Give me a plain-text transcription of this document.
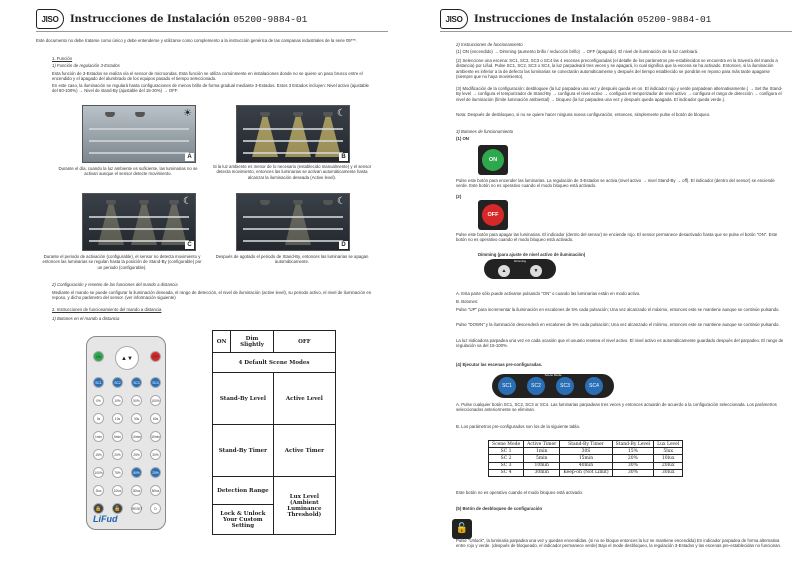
JISO	Instrucciones de Instalación 05200-9884-01
Este documento no debe tratarse como único y debe entenderse y utilizarse como complemento a la instrucción genérica de las campanas industriales de la serie 05***.
1. Función
1) Función de regulación 3-Estados
Esta función de 3-Estados se realiza vía el sensor de microondas. Esta función se utiliza comúnmente en instalaciones donde no se quiere un paso brusco entre el encendido y el apagado del alumbrado de los equipos pasado el tiempo seleccionado.
En este caso, la iluminación se regulará hasta configuraciones de menos brillo de forma gradual mediante 3-Estados. Estos 3 Estados incluyen: Nivel activo (ajustable del 60-100%) → Nivel de stand-By (ajustable del 15-30%) → OFF.
☀
A
☾
B
Durante el día, cuando la luz ambiente es suficiente, las luminarias no se activan aunque el sensor detecte movimiento.
Si la luz ambiente es menor de lo necesario (establecido manualmente) y el sensor detecta movimiento, entonces las luminarias se activan automáticamente hasta alcanzar la iluminación deseada (Active level).
☾
C
☾
D
Durante el periodo de activación (configurable), el sensor no detecta movimiento y entonces las luminarias se regulan hasta la posición de Stand-By (configurable) por un periodo (configurable).
Después de agotado el periodo de Stand-By, entonces las luminarias se apagan automáticamente.
2) Configuración y reseteo de las funciones del mando a distancia
Mediante el mando se puede configurar la iluminación deseada, el rango de detección, el nivel de iluminación (active level), su periodo activo, el nivel de iluminación en reposo, y dicho parámetro del sensor. (ver información siguiente)
2. Instrucciones de funcionamiento del mando a distancia
1) Botones en el mando a distancia
ON	▲▼	OFF
SC1	SC2	SC3	SC4
0%	10%	50%	100%
0s	10s	30s	60s
1min	5min	10min	30min
15%	20%	25%	30%
100%	75%	50%	25%
2lux	10lux	30lux	50lux
🔒	🔓	RESET	D
LiFud
ON	Dim Slightly	OFF
4 Default Scene Modes		
Stand-By Level		Active Level
Stand-By Timer		Active Timer
Detection Range		Lux Level (Ambient Luminance Threshold)
Lock & Unlock Your Custom Setting		
JISO	Instrucciones de Instalación 05200-9884-01
2) Instrucciones de funcionamiento
(1) ON (encendido) → Dimming (aumento brillo / reducción brillo) → OFF (apagado). El nivel de iluminación de la luz cambiará.
(2) Seleccione una escena: SC1, SC2, SC3 o SC4 las 4 escenas preconfiguradas (el detalle de los parámetros pre-establecidos se encuentra en la travesía del mando a distancia) por Lifud. Pulse SC1, SC2, SC3 o SC4, la luz parpadeará tres veces y se apagará, lo cual significa que la escena se ha activado. Entonces, si la iluminación ambiente es inferior a la de defecto las luminarias se conectarán automáticamente y después del tiempo establecido se pondrán en reposo para más tarde apagarse (siempre que no haya movimiento).
(3) Modificación de la configuración: desbloquee (la luz parpadea una vez y después queda en on. El indicador rojo y verde parpadean alternativamente.) → Set the Stand-By level → configura el temporizador de Stand-By → configura el nivel activo → configura el temporizador de nivel activo → configura el rango de detección → configura el nivel de iluminación (límite luminación ambiental) → bloqueo (la luz parpadea una vez y después queda apagada. El indicador queda verde.).
Nota: Después de desbloqueo, si no se quiere hacer ninguna nueva configuración, entonces, simplemente pulse el botón de bloqueo.
3) Botones de funcionamiento
(1) ON
ON
Pulse este botón para encender las luminarias. La regulación de 3-Estados se activa (nivel activo → nivel Stand-By → off). El indicador (dentro del sensor) se enciende verde. Este botón no es operativo cuando el modo bloqueo está activado.
(2)
OFF
Pulse este botón para apagar las luminarias. El indicador (dentro del sensor) se enciende rojo. El sensor permanece desactivado hasta que se pulse el botón "ON". Este botón no es operativo cuando el modo bloqueo está activado.
Dimming (para ajuste de nivel activo de iluminación)
Dimming
▲	▼
A. Esta parte sólo puede activarse pulsando "ON" o cuando las luminarias están en modo activo.
B. Botones:
Pulse "UP" para incrementar la iluminación en escalones de 5% cada pulsación; Una vez alcanzado el máximo, entonces este se mantiene aunque se continúe pulsando.
Pulse "DOWN" y la iluminación descenderá en escalones de 5% cada pulsación; Una vez alcanzado el mínimo, entonces este se mantiene aunque se continúe pulsando.
La luz indicadora parpadea una vez en cada ocasión que el usuario resetea el nivel activo. El nivel activo es automáticamente guardado después del parpadeo. El rango de regulación va del 15-100%.
(4) Ejecutar las escenas pre-configuradas.
Scene Mode
SC1	SC2	SC3	SC4
A. Pulse cualquier botón SC1, SC2, SC3 or SC4. Las luminarias parpadean tres veces y entonces actuarán de acuerdo a la configuración seleccionada. Los parámetros seleccionados anteriormente se eliminan.
B. Los parámetros pre-configurados son los de la siguiente tabla.
Scene Mode	Active Timer	Stand-By Timer	Stand-By Level	Lux Level
SC 1	1min	30S	15%	5lux
SC 2	5min	15min	20%	10lux
SC 3	10min	40min	30%	20lux
SC 4	30min	Keep-on (Not Limit)	30%	30lux
Este botón no es operativo cuando el modo bloqueo está activado.
(5) Botón de desbloqueo de configuración
🔓
Pulse "Unlock", la luminaria parpadea una vez y quedan encendidas. (si no se bloque entonces la luz se mantiene encendida) En indicador parpadea de forma alternativa entre rojo y verde. (después de bloqueado, el indicador permanece verde) Bajo el mode desbloqueo, la regulación 3-Estados y las escenas pre-establecidas no funcionan.
